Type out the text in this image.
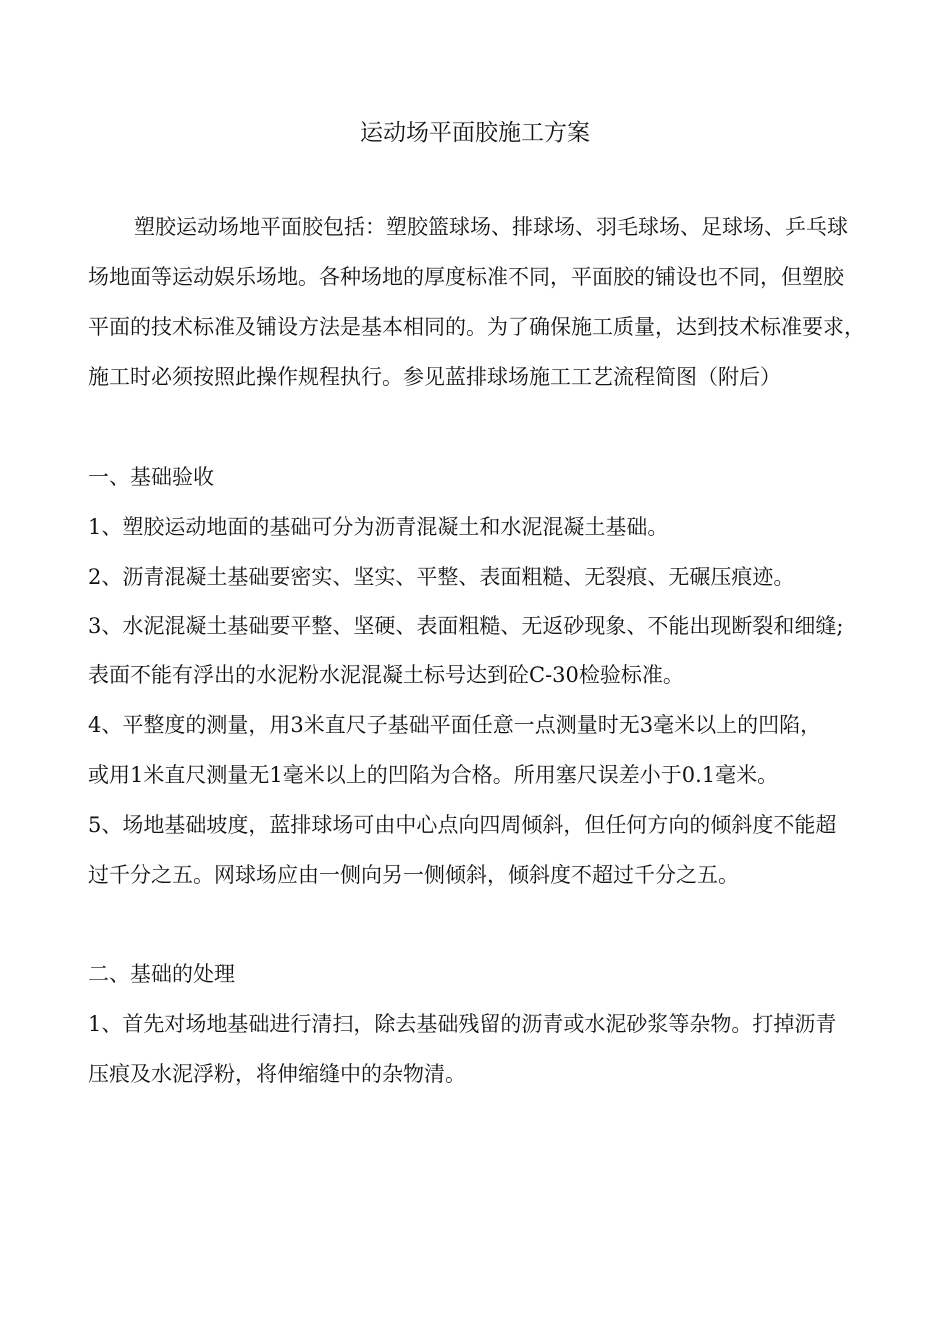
运动场平面胶施工方案
塑胶运动场地平面胶包括：塑胶篮球场、排球场、羽毛球场、足球场、乒乓球
场地面等运动娱乐场地。各种场地的厚度标准不同，平面胶的铺设也不同，但塑胶
平面的技术标准及铺设方法是基本相同的。为了确保施工质量，达到技术标准要求，
施工时必须按照此操作规程执行。参见蓝排球场施工工艺流程简图（附后）
一、基础验收
1、塑胶运动地面的基础可分为沥青混凝土和水泥混凝土基础。
2、沥青混凝土基础要密实、坚实、平整、表面粗糙、无裂痕、无碾压痕迹。
3、水泥混凝土基础要平整、坚硬、表面粗糙、无返砂现象、不能出现断裂和细缝;
表面不能有浮出的水泥粉水泥混凝土标号达到砼C-30检验标准。
4、平整度的测量，用3米直尺子基础平面任意一点测量时无3毫米以上的凹陷，
或用1米直尺测量无1毫米以上的凹陷为合格。所用塞尺误差小于0.1毫米。
5、场地基础坡度，蓝排球场可由中心点向四周倾斜，但任何方向的倾斜度不能超
过千分之五。网球场应由一侧向另一侧倾斜，倾斜度不超过千分之五。
二、基础的处理
1、首先对场地基础进行清扫，除去基础残留的沥青或水泥砂浆等杂物。打掉沥青
压痕及水泥浮粉，将伸缩缝中的杂物清。
